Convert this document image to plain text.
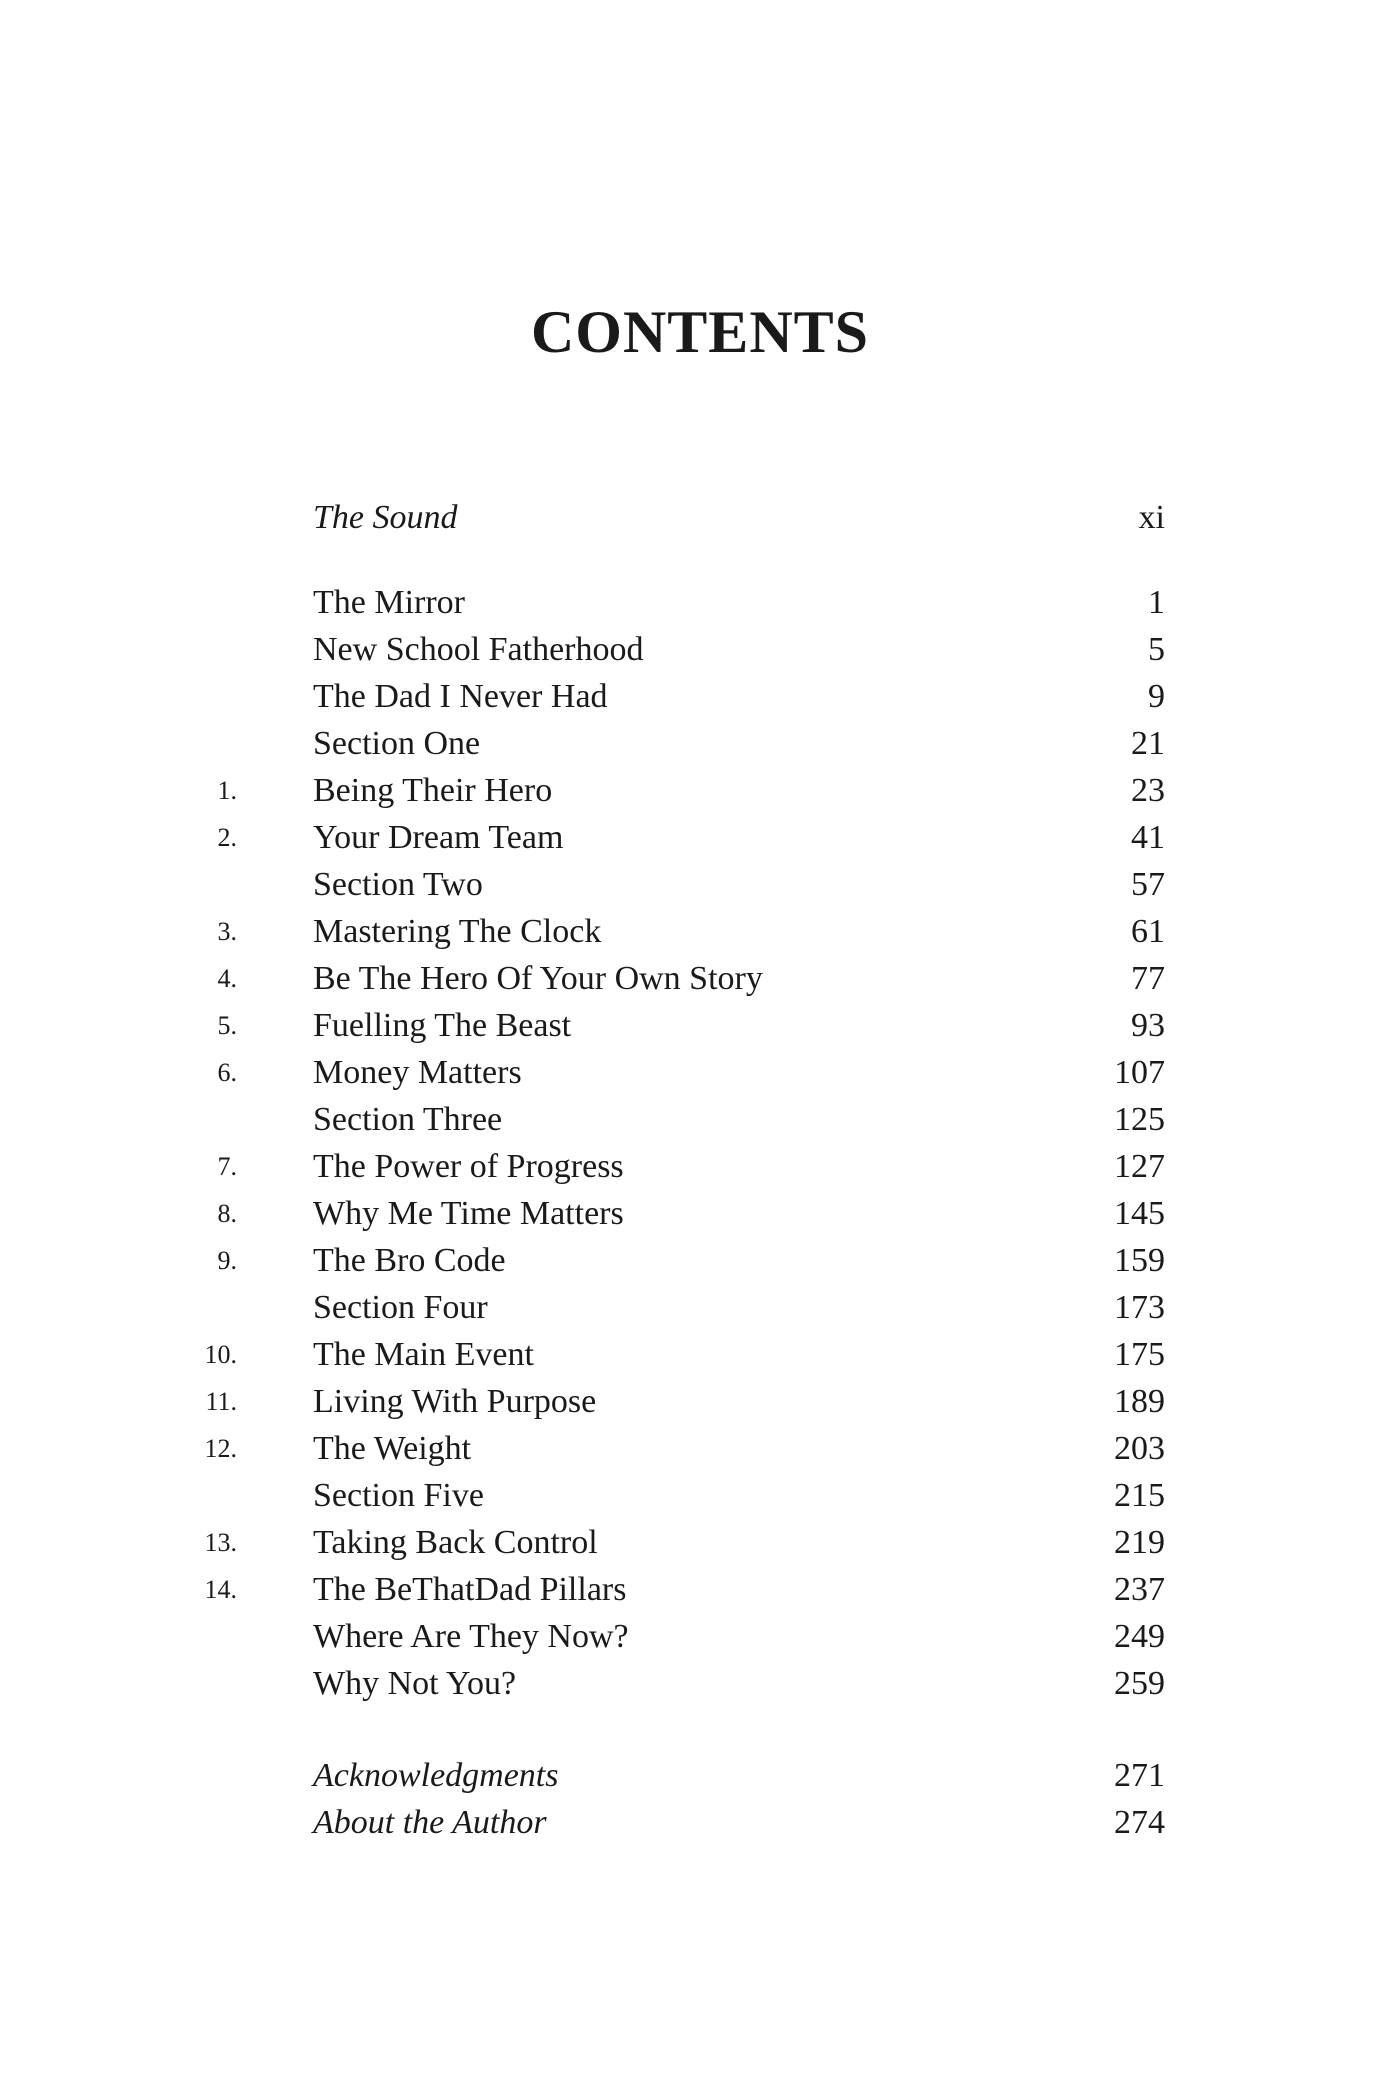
CONTENTS
The Sound	xi
The Mirror	1
New School Fatherhood	5
The Dad I Never Had	9
Section One	21
1. Being Their Hero	23
2. Your Dream Team	41
Section Two	57
3. Mastering The Clock	61
4. Be The Hero Of Your Own Story	77
5. Fuelling The Beast	93
6. Money Matters	107
Section Three	125
7. The Power of Progress	127
8. Why Me Time Matters	145
9. The Bro Code	159
Section Four	173
10. The Main Event	175
11. Living With Purpose	189
12. The Weight	203
Section Five	215
13. Taking Back Control	219
14. The BeThatDad Pillars	237
Where Are They Now?	249
Why Not You?	259
Acknowledgments	271
About the Author	274
